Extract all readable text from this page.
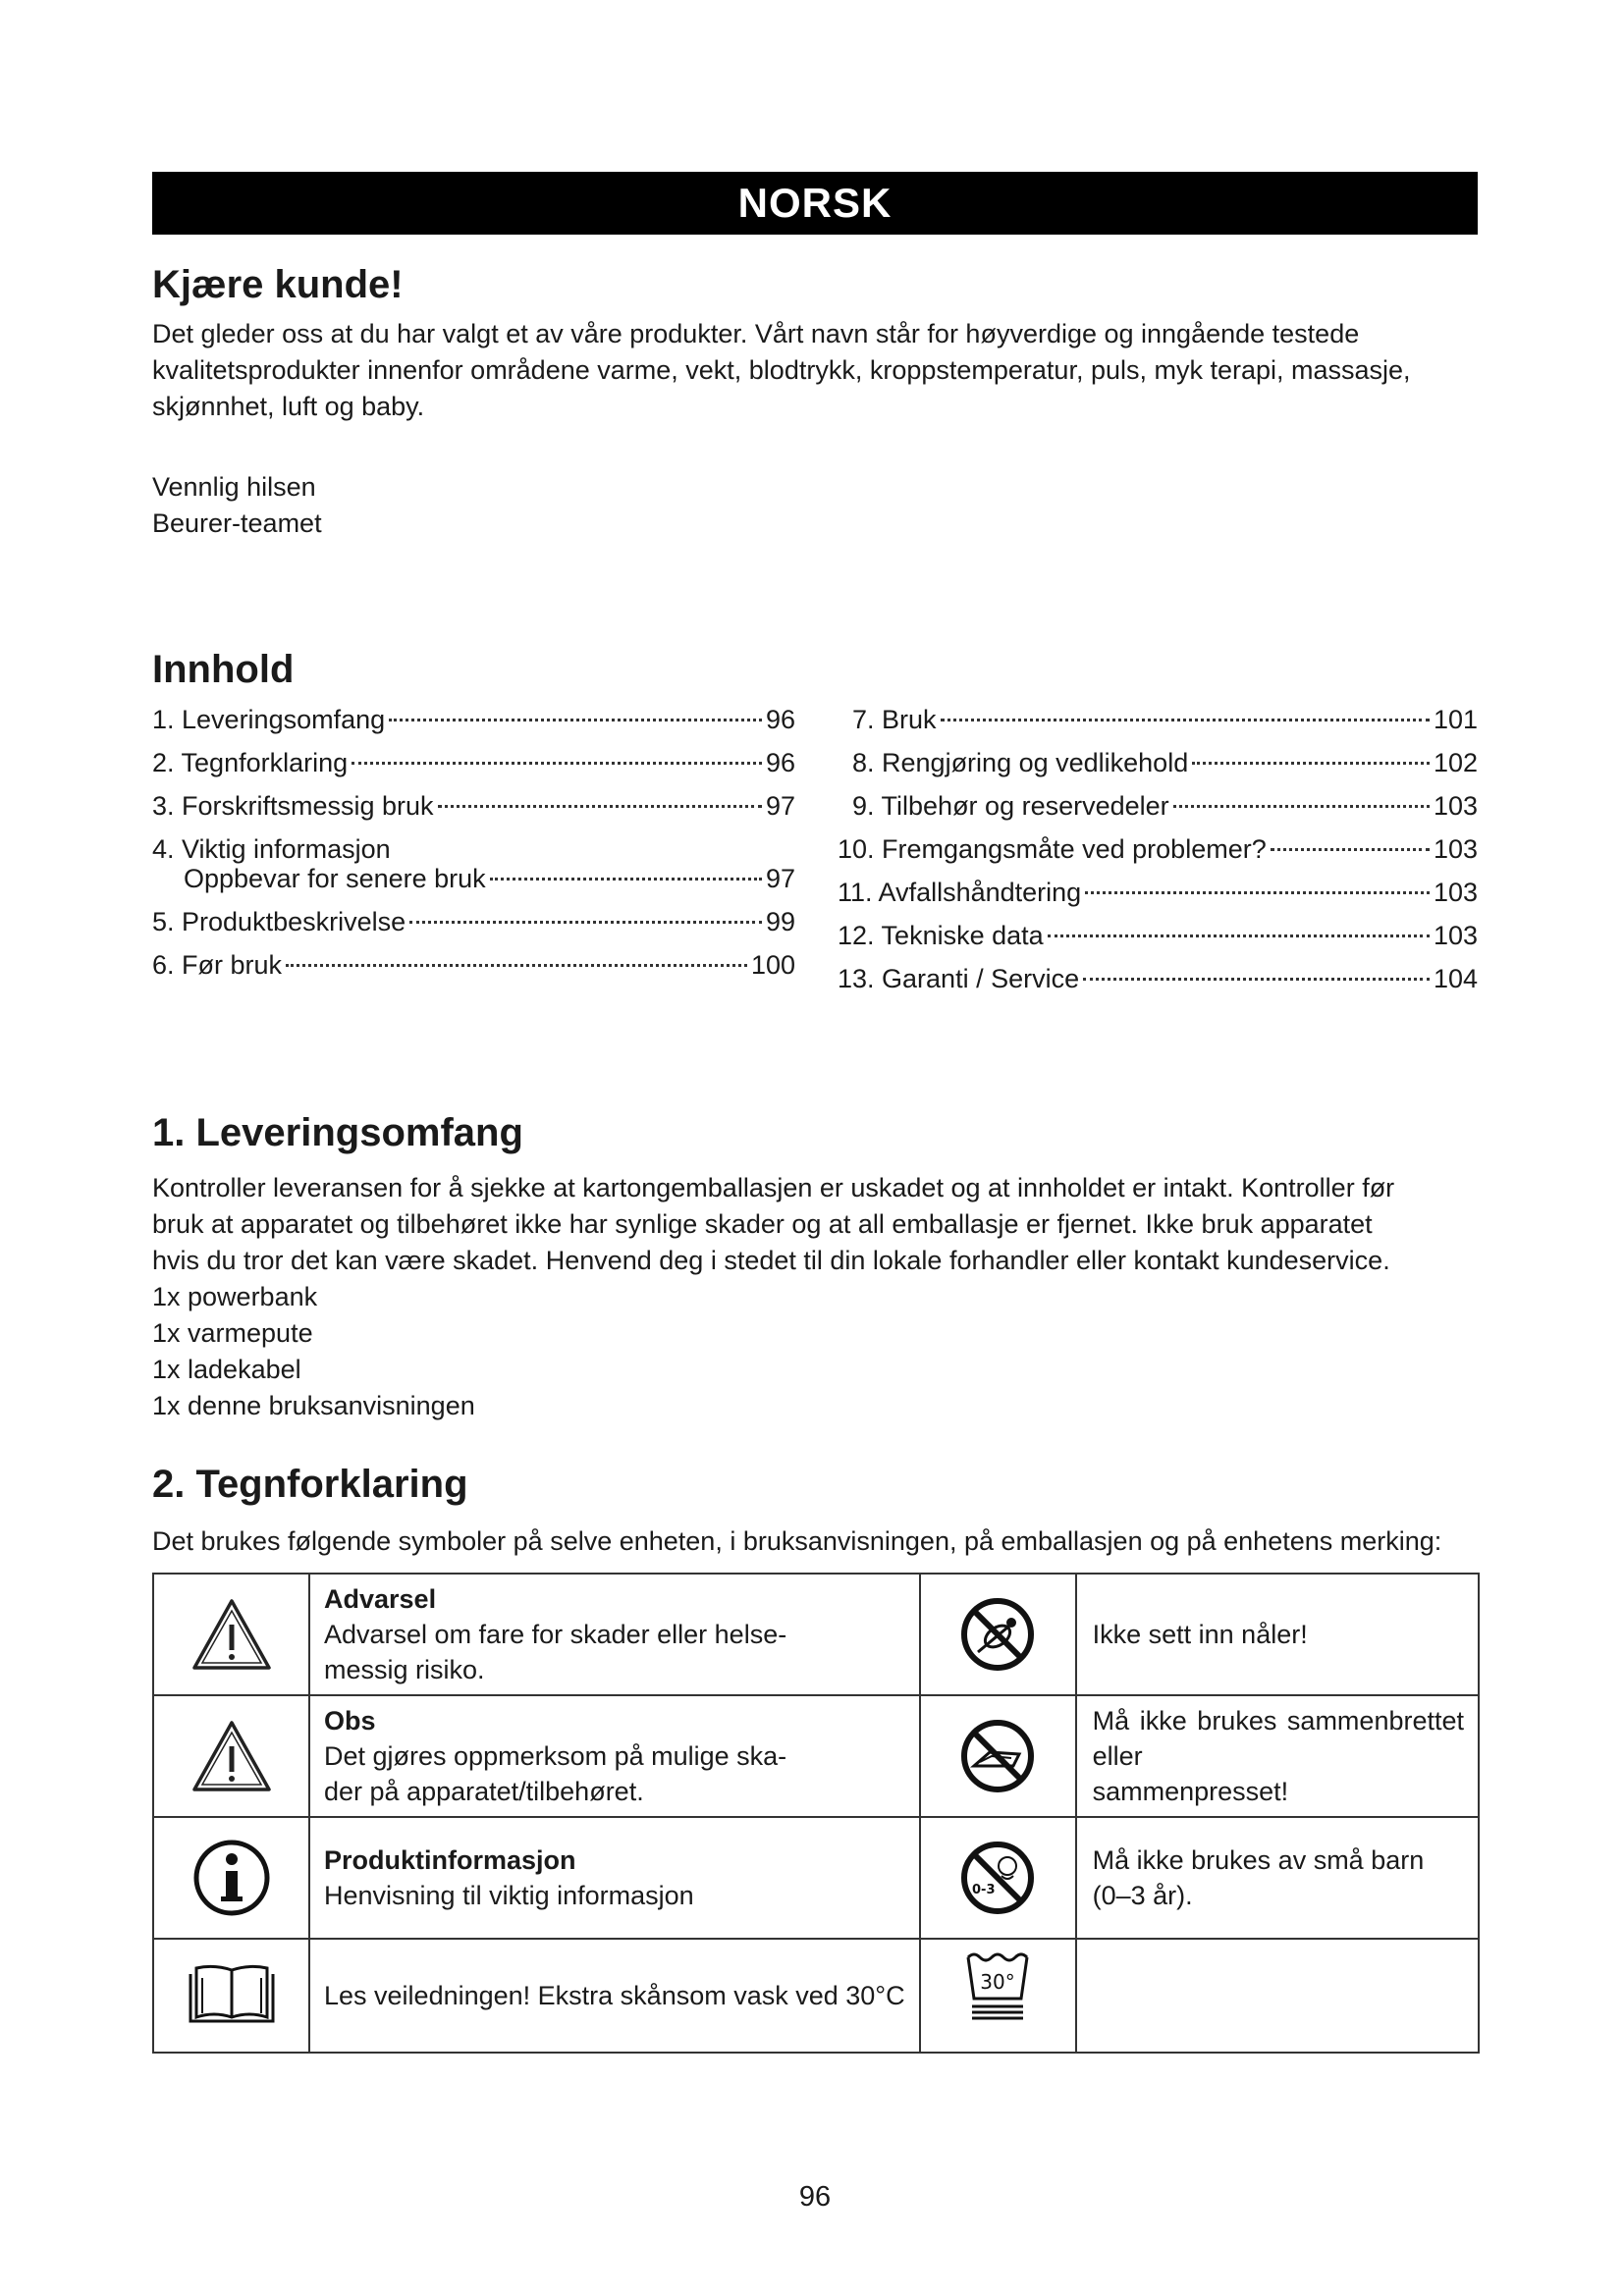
NORSK
Kjære kunde!
Det gleder oss at du har valgt et av våre produkter. Vårt navn står for høyverdige og inngående testede
kvalitetsprodukter innenfor områdene varme, vekt, blodtrykk, kroppstemperatur, puls, myk terapi, massasje,
skjønnhet, luft og baby.
Vennlig hilsen
Beurer-teamet
Innhold
1. Leveringsomfang	96
2. Tegnforklaring	96
3. Forskriftsmessig bruk	97
4. Viktig informasjon
Oppbevar for senere bruk	97
5. Produktbeskrivelse	99
6. Før bruk	100
7. Bruk	101
8. Rengjøring og vedlikehold	102
9. Tilbehør og reservedeler	103
10. Fremgangsmåte ved problemer?	103
11. Avfallshåndtering	103
12. Tekniske data	103
13. Garanti / Service	104
1. Leveringsomfang
Kontroller leveransen for å sjekke at kartongemballasjen er uskadet og at innholdet er intakt. Kontroller før
bruk at apparatet og tilbehøret ikke har synlige skader og at all emballasje er fjernet. Ikke bruk apparatet
hvis du tror det kan være skadet. Henvend deg i stedet til din lokale forhandler eller kontakt kundeservice.
1x powerbank
1x varmepute
1x ladekabel
1x denne bruksanvisningen
2. Tegnforklaring
Det brukes følgende symboler på selve enheten, i bruksanvisningen, på emballasjen og på enhetens merking:

Advarsel
Advarsel om fare for skader eller helse-
messig risiko.		Ikke sett inn nåler!

Obs
Det gjøres oppmerksom på mulige ska-
der på apparatet/tilbehøret.		Må ikke brukes sammenbrettet eller
sammenpresset!

Produktinformasjon
Henvisning til viktig informasjon	0-3	Må ikke brukes av små barn (0–3 år).

Les veiledningen! Ekstra skånsom vask ved 30°C	30°	

96
